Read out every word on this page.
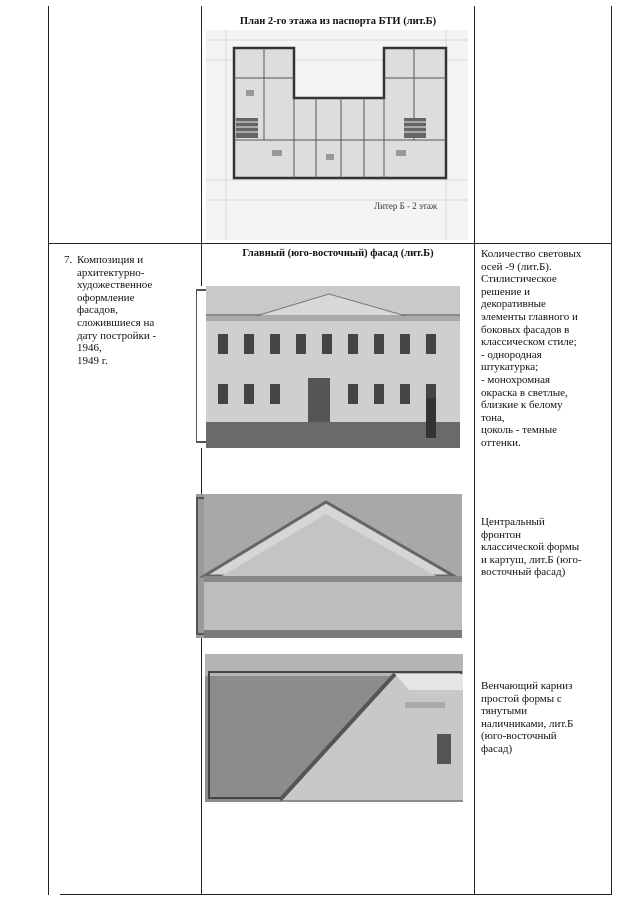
План 2-го этажа из паспорта БТИ (лит.Б)
Литер Б - 2 этаж
7. Композиция и
архитектурно-
художественное
оформление
фасадов,
сложившиеся на
дату постройки -
1946,
1949 г.
Главный (юго-восточный) фасад (лит.Б)	Количество световых
осей -9 (лит.Б).
Стилистическое
решение и
декоративные
элементы главного и
боковых фасадов в
классическом стиле;
- однородная
штукатурка;
- монохромная
окраска в светлые,
близкие к белому
тона,
цоколь - темные
оттенки.
Центральный
фронтон
классической формы
и картуш, лит.Б (юго-
восточный фасад)
Венчающий карниз
простой формы с
тянутыми
наличниками, лит.Б
(юго-восточный
фасад)
